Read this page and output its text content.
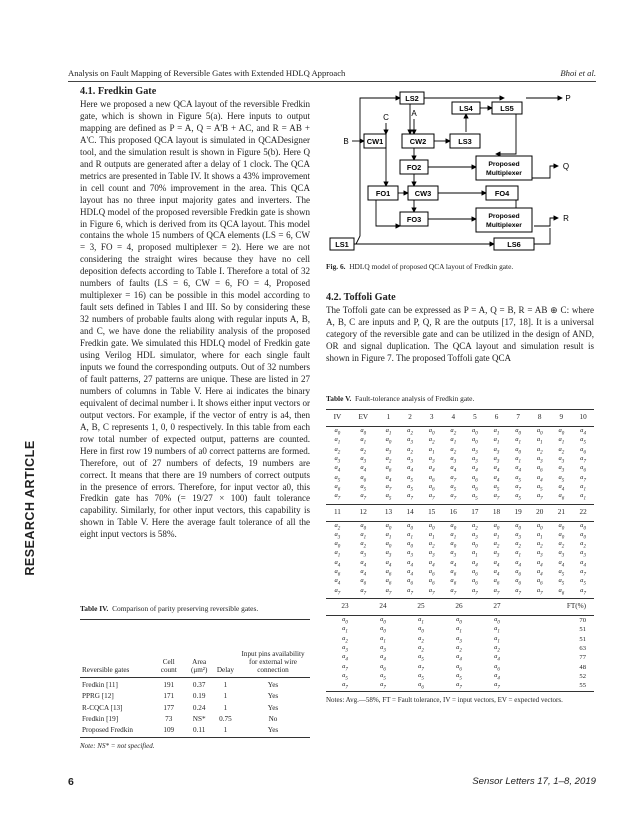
Analysis on Fault Mapping of Reversible Gates with Extended HDLQ Approach	Bhoi et al.
RESEARCH ARTICLE
4.1. Fredkin Gate

Here we proposed a new QCA layout of the reversible Fredkin gate, which is shown in Figure 5(a). Here inputs to output mapping are defined as P = A, Q = A'B + AC, and R = AB + A'C. This proposed QCA layout is simulated in QCADesigner tool, and the simulation result is shown in Figure 5(b). Here Q and R outputs are generated after a delay of 1 clock. The QCA metrics are presented in Table IV. It shows a 43% improvement in cell count and 70% improvement in the area. This QCA layout has no three input majority gates and inverters. The HDLQ model of the proposed reversible Fredkin gate is shown in Figure 6, which is derived from its QCA layout. This model contains the whole 15 numbers of QCA elements (LS = 6, CW = 3, FO = 4, proposed multiplexer = 2). Here we are not considering the straight wires because they have no cell deposition defects according to Table I. Therefore a total of 32 numbers of faults (LS = 6, CW = 6, FO = 4, Proposed multiplexer = 16) can be possible in this model according to fault sets defined in Tables I and III. So by considering these 32 numbers of probable faults along with regular inputs A, B, and C, we have done the reliability analysis of the proposed Fredkin gate. We simulated this HDLQ model of Fredkin gate using Verilog HDL simulator, where for each single fault inputs we found the corresponding outputs. Out of 32 numbers of fault patterns, 27 patterns are unique. These are listed in 27 numbers of columns in Table V. Here ai indicates the binary equivalent of decimal number i. It shows either input vectors or output vectors. For example, if the vector of entry is a4, then A, B, C represents 1, 0, 0 respectively. In this table from each row total number of expected output, patterns are counted. Here in first row 19 numbers of a0 correct patterns are formed. Therefore, out of 27 numbers of defects, 19 numbers are correct. It means that there are 19 numbers of correct outputs in the presence of errors. Therefore, for input vector a0, this Fredkin gate has 70% (= 19/27 × 100) fault tolerance capability. Similarly, for other input vectors, this capability is shown in Table V. Here the average fault tolerance of all the eight input vectors is 58%.

Table IV. Comparison of parity preserving reversible gates.
Reversible gates	Cell count	Area (μm²)	Delay	Input pins availability for external wire connection

Fredkin [11]	191	0.37	1	Yes
PPRG [12]	171	0.19	1	Yes
R-CQCA [13]	177	0.24	1	Yes
Fredkin [19]	73	NS*	0.75	No
Proposed Fredkin	109	0.11	1	Yes

Note: NS* = not specified.
LS2
LS4	LS5
CW1	CW2	LS3
FO2	Proposed
Multiplexer
FO1	CW3	FO4
FO3	Proposed
Multiplexer
LS1	LS6
C	A
B
P
Q
R
Fig. 6. HDLQ model of proposed QCA layout of Fredkin gate.
4.2. Toffoli Gate

The Toffoli gate can be expressed as P = A, Q = B, R = AB ⊕ C: where A, B, C are inputs and P, Q, R are the outputs [17, 18]. It is a universal category of the reversible gate and can be utilized in the design of AND, OR and signal duplication. The QCA layout and simulation result is shown in Figure 7. The proposed Toffoli gate QCA

Table V. Fault-tolerance analysis of Fredkin gate.
IV	EV	1	2	3	4	5	6	7	8	9	10

$a_0$	$a_0$	$a_1$	$a_2$	$a_0$	$a_2$	$a_0$	$a_1$	$a_0$	$a_0$	$a_0$	$a_4$
$a_1$	$a_1$	$a_0$	$a_3$	$a_2$	$a_1$	$a_0$	$a_1$	$a_1$	$a_1$	$a_1$	$a_5$
$a_2$	$a_2$	$a_3$	$a_2$	$a_1$	$a_2$	$a_3$	$a_3$	$a_0$	$a_2$	$a_2$	$a_6$
$a_3$	$a_3$	$a_2$	$a_3$	$a_3$	$a_3$	$a_3$	$a_3$	$a_1$	$a_3$	$a_3$	$a_7$
$a_4$	$a_4$	$a_6$	$a_4$	$a_4$	$a_4$	$a_4$	$a_4$	$a_4$	$a_6$	$a_3$	$a_6$
$a_5$	$a_6$	$a_4$	$a_5$	$a_6$	$a_7$	$a_6$	$a_4$	$a_5$	$a_4$	$a_5$	$a_7$
$a_6$	$a_5$	$a_7$	$a_5$	$a_6$	$a_5$	$a_6$	$a_5$	$a_7$	$a_5$	$a_4$	$a_1$
$a_7$	$a_7$	$a_5$	$a_7$	$a_7$	$a_7$	$a_5$	$a_7$	$a_5$	$a_7$	$a_6$	$a_1$

11	12	13	14	15	16	17	18	19	20	21	22

$a_2$	$a_0$	$a_0$	$a_0$	$a_0$	$a_0$	$a_2$	$a_0$	$a_0$	$a_0$	$a_0$	$a_0$
$a_3$	$a_1$	$a_1$	$a_1$	$a_1$	$a_1$	$a_3$	$a_1$	$a_3$	$a_1$	$a_0$	$a_0$
$a_0$	$a_2$	$a_0$	$a_0$	$a_2$	$a_0$	$a_0$	$a_2$	$a_2$	$a_2$	$a_2$	$a_2$
$a_1$	$a_3$	$a_3$	$a_3$	$a_3$	$a_3$	$a_1$	$a_3$	$a_1$	$a_3$	$a_3$	$a_3$
$a_4$	$a_4$	$a_4$	$a_4$	$a_4$	$a_4$	$a_4$	$a_4$	$a_4$	$a_4$	$a_4$	$a_4$
$a_6$	$a_4$	$a_6$	$a_4$	$a_6$	$a_6$	$a_6$	$a_4$	$a_6$	$a_4$	$a_5$	$a_7$
$a_4$	$a_6$	$a_6$	$a_6$	$a_6$	$a_6$	$a_6$	$a_6$	$a_6$	$a_6$	$a_5$	$a_5$
$a_7$	$a_7$	$a_7$	$a_7$	$a_7$	$a_7$	$a_7$	$a_7$	$a_7$	$a_7$	$a_6$	$a_7$

23	24	25	26	27	FT(%)

$a_0$	$a_0$	$a_1$	$a_0$	$a_0$	70
$a_1$	$a_0$	$a_0$	$a_1$	$a_1$	51
$a_2$	$a_1$	$a_2$	$a_3$	$a_1$	51
$a_3$	$a_3$	$a_2$	$a_2$	$a_2$	63
$a_4$	$a_4$	$a_5$	$a_4$	$a_4$	77
$a_7$	$a_6$	$a_7$	$a_6$	$a_6$	48
$a_5$	$a_5$	$a_5$	$a_5$	$a_4$	52
$a_7$	$a_7$	$a_6$	$a_7$	$a_7$	55
Notes: Avg.—58%, FT = Fault tolerance, IV = input vectors, EV = expected vectors.
6	Sensor Letters 17, 1–8, 2019
